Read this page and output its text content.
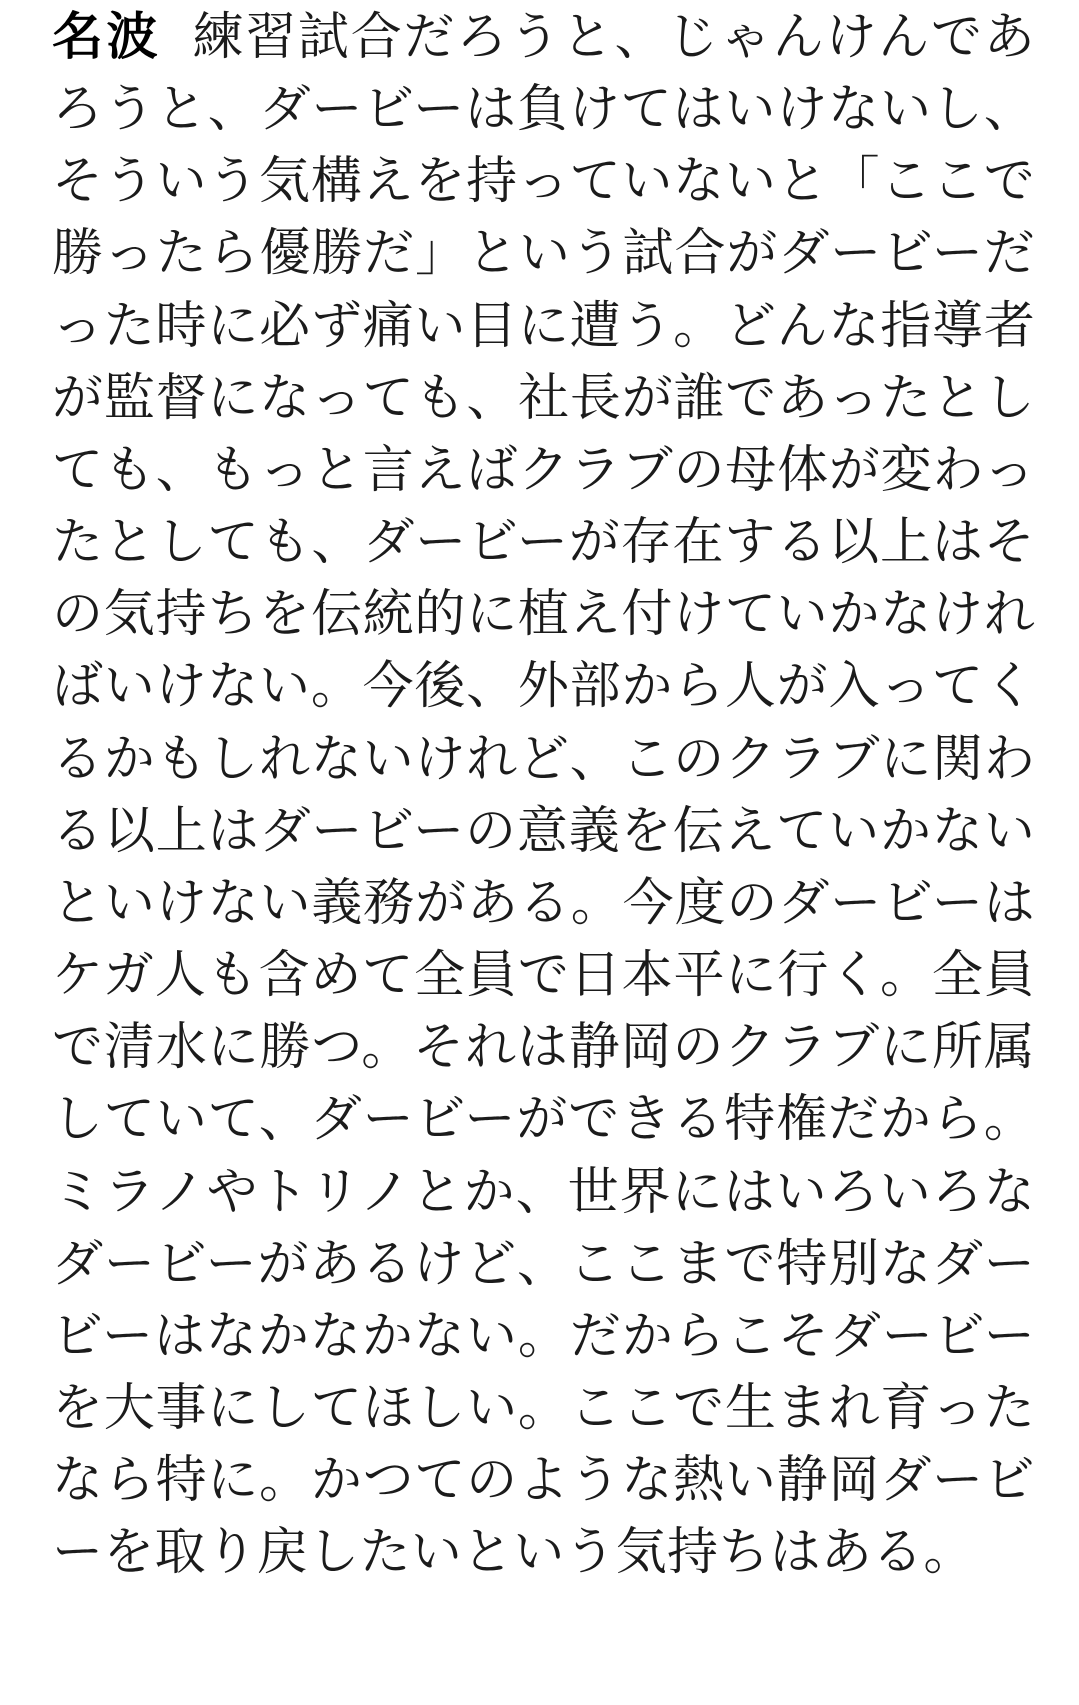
名波 練習試合だろうと、じゃんけんであろうと、ダービーは負けてはいけないし、そういう気構えを持っていないと「ここで勝ったら優勝だ」という試合がダービーだった時に必ず痛い目に遭う。どんな指導者が監督になっても、社長が誰であったとしても、もっと言えばクラブの母体が変わったとしても、ダービーが存在する以上はその気持ちを伝統的に植え付けていかなければいけない。今後、外部から人が入ってくるかもしれないけれど、このクラブに関わる以上はダービーの意義を伝えていかないといけない義務がある。今度のダービーはケガ人も含めて全員で日本平に行く。全員で清水に勝つ。それは静岡のクラブに所属していて、ダービーができる特権だから。ミラノやトリノとか、世界にはいろいろなダービーがあるけど、ここまで特別なダービーはなかなかない。だからこそダービーを大事にしてほしい。ここで生まれ育ったなら特に。かつてのような熱い静岡ダービーを取り戻したいという気持ちはある。
